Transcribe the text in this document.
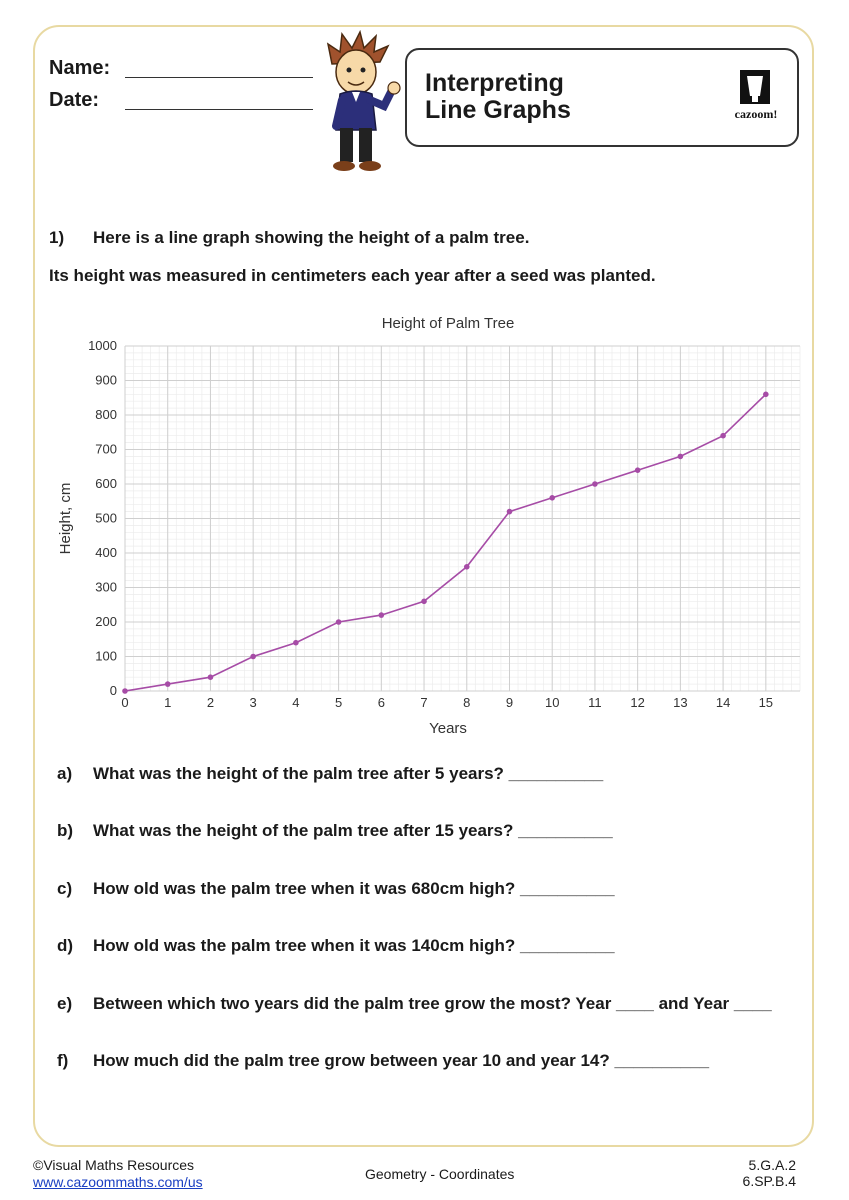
Name:
Date:
Interpreting
Line Graphs	cazoom!
1) Here is a line graph showing the height of a palm tree.
Its height was measured in centimeters each year after a seed was planted.
0	1	2	3	4	5	6	7	8	9 10 11 12 13 14 15
0
100
200
300
400
500
600
700
800
900
1000
Height of Palm Tree
Years
Height, cm
a) What was the height of the palm tree after 5 years? __________
b) What was the height of the palm tree after 15 years? __________
c) How old was the palm tree when it was 680cm high? __________
d) How old was the palm tree when it was 140cm high? __________
e) Between which two years did the palm tree grow the most? Year ____ and Year ____
f) How much did the palm tree grow between year 10 and year 14? __________
©Visual Maths Resources
www.cazoommaths.com/us	Geometry - Coordinates
5.G.A.2
6.SP.B.4
